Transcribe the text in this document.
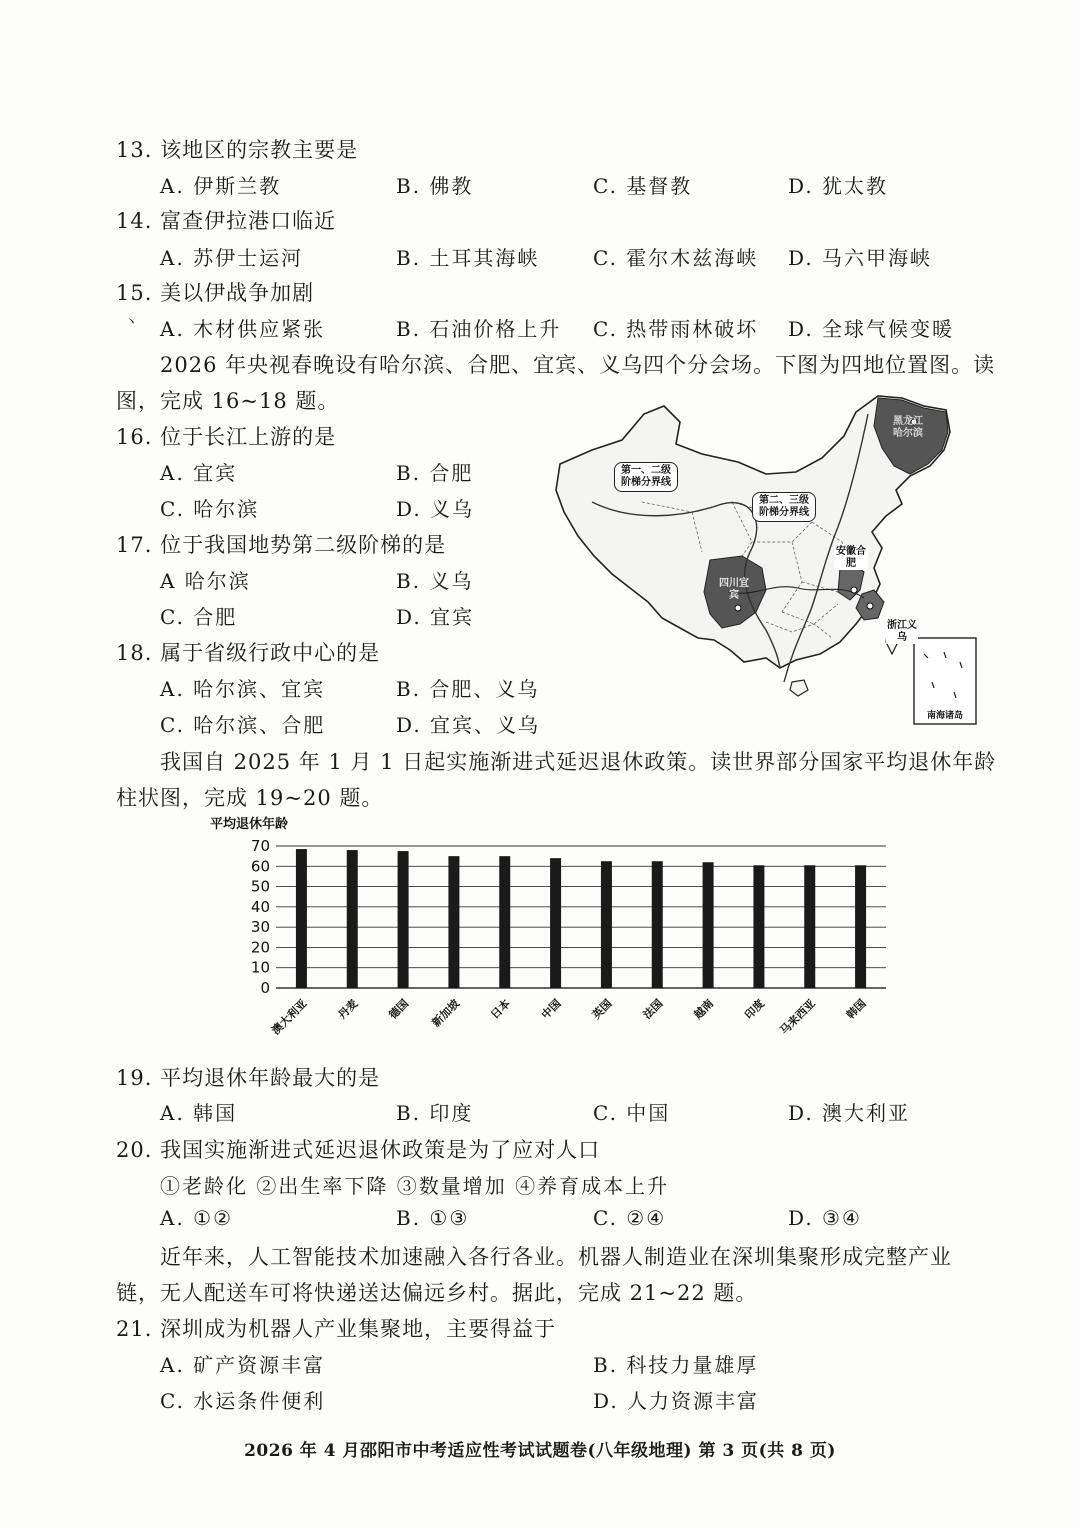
13. 该地区的宗教主要是
A. 伊斯兰教	B. 佛教	C. 基督教	D. 犹太教
14. 富查伊拉港口临近
A. 苏伊士运河	B. 土耳其海峡	C. 霍尔木兹海峡 D. 马六甲海峡
15. 美以伊战争加剧
丶 A. 木材供应紧张	B. 石油价格上升 C. 热带雨林破坏 D. 全球气候变暖
2026 年央视春晚设有哈尔滨、合肥、宜宾、义乌四个分会场。下图为四地位置图。读
图，完成 16~18 题。
16. 位于长江上游的是
A. 宜宾	B. 合肥
C. 哈尔滨	D. 义乌
17. 位于我国地势第二级阶梯的是
A 哈尔滨	B. 义乌
C. 合肥	D. 宜宾
18. 属于省级行政中心的是
A. 哈尔滨、宜宾	B. 合肥、义乌
C. 哈尔滨、合肥	D. 宜宾、义乌
第一、二级阶梯分界线
第二、三级阶梯分界线
黑龙江哈尔滨
四川宜宾
安徽合肥
浙江义乌
南海诸岛
我国自 2025 年 1 月 1 日起实施渐进式延迟退休政策。读世界部分国家平均退休年龄
柱状图，完成 19~20 题。
平均退休年龄
0
10
20
30
40
50
60
70
澳大利亚 丹麦 德国 新加坡 日本 中国 英国 法国 越南 印度 马来西亚 韩国
19. 平均退休年龄最大的是
A. 韩国	B. 印度	C. 中国	D. 澳大利亚
20. 我国实施渐进式延迟退休政策是为了应对人口
①老龄化 ②出生率下降 ③数量增加 ④养育成本上升
A. ①②	B. ①③	C. ②④	D. ③④
近年来，人工智能技术加速融入各行各业。机器人制造业在深圳集聚形成完整产业
链，无人配送车可将快递送达偏远乡村。据此，完成 21~22 题。
21. 深圳成为机器人产业集聚地，主要得益于
A. 矿产资源丰富	B. 科技力量雄厚
C. 水运条件便利	D. 人力资源丰富
2026 年 4 月邵阳市中考适应性考试试题卷(八年级地理) 第 3 页(共 8 页)
